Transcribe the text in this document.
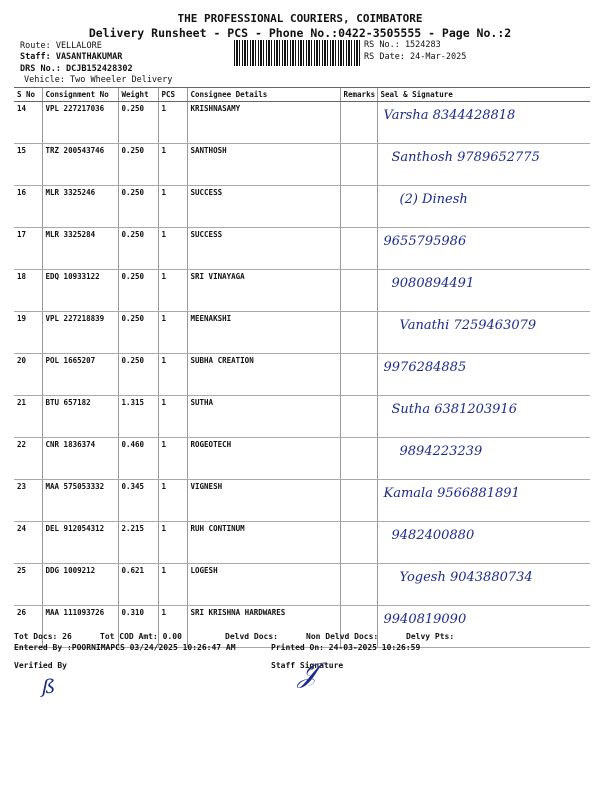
THE PROFESSIONAL COURIERS, COIMBATORE
Delivery Runsheet - PCS - Phone No.:0422-3505555 - Page No.:2
Route: VELLALORE
Staff: VASANTHAKUMAR
DRS No.: DCJB152428302
Vehicle: Two Wheeler Delivery
RS No.: 1524283
RS Date: 24-Mar-2025
S No	Consignment No	Weight	PCS	Consignee Details	Remarks	Seal & Signature
14	VPL 227217036	0.250	1	KRISHNASAMY		Varsha 8344428818

15	TRZ 200543746	0.250	1	SANTHOSH		Santhosh 9789652775

16	MLR 3325246	0.250	1	SUCCESS		(2) Dinesh

17	MLR 3325284	0.250	1	SUCCESS		9655795986

18	EDQ 10933122	0.250	1	SRI VINAYAGA		9080894491

19	VPL 227218839	0.250	1	MEENAKSHI		Vanathi 7259463079

20	POL 1665207	0.250	1	SUBHA CREATION		9976284885

21	BTU 657182	1.315	1	SUTHA		Sutha 6381203916

22	CNR 1836374	0.460	1	ROGEOTECH		9894223239

23	MAA 575053332	0.345	1	VIGNESH		Kamala 9566881891

24	DEL 912054312	2.215	1	RUH CONTINUM		9482400880

25	DDG 1009212	0.621	1	LOGESH		Yogesh 9043880734

26	MAA 111093726	0.310	1	SRI KRISHNA HARDWARES		9940819090
Tot Docs: 26	Tot COD Amt: 0.00	Delvd Docs:	Non Delvd Docs:	Delvy Pts:
Entered By :POORNIMAPCS 03/24/2025 10:26:47 AM	Printed On: 24-03-2025 10:26:59
Verified By
ß
Staff Signature
𝒥
